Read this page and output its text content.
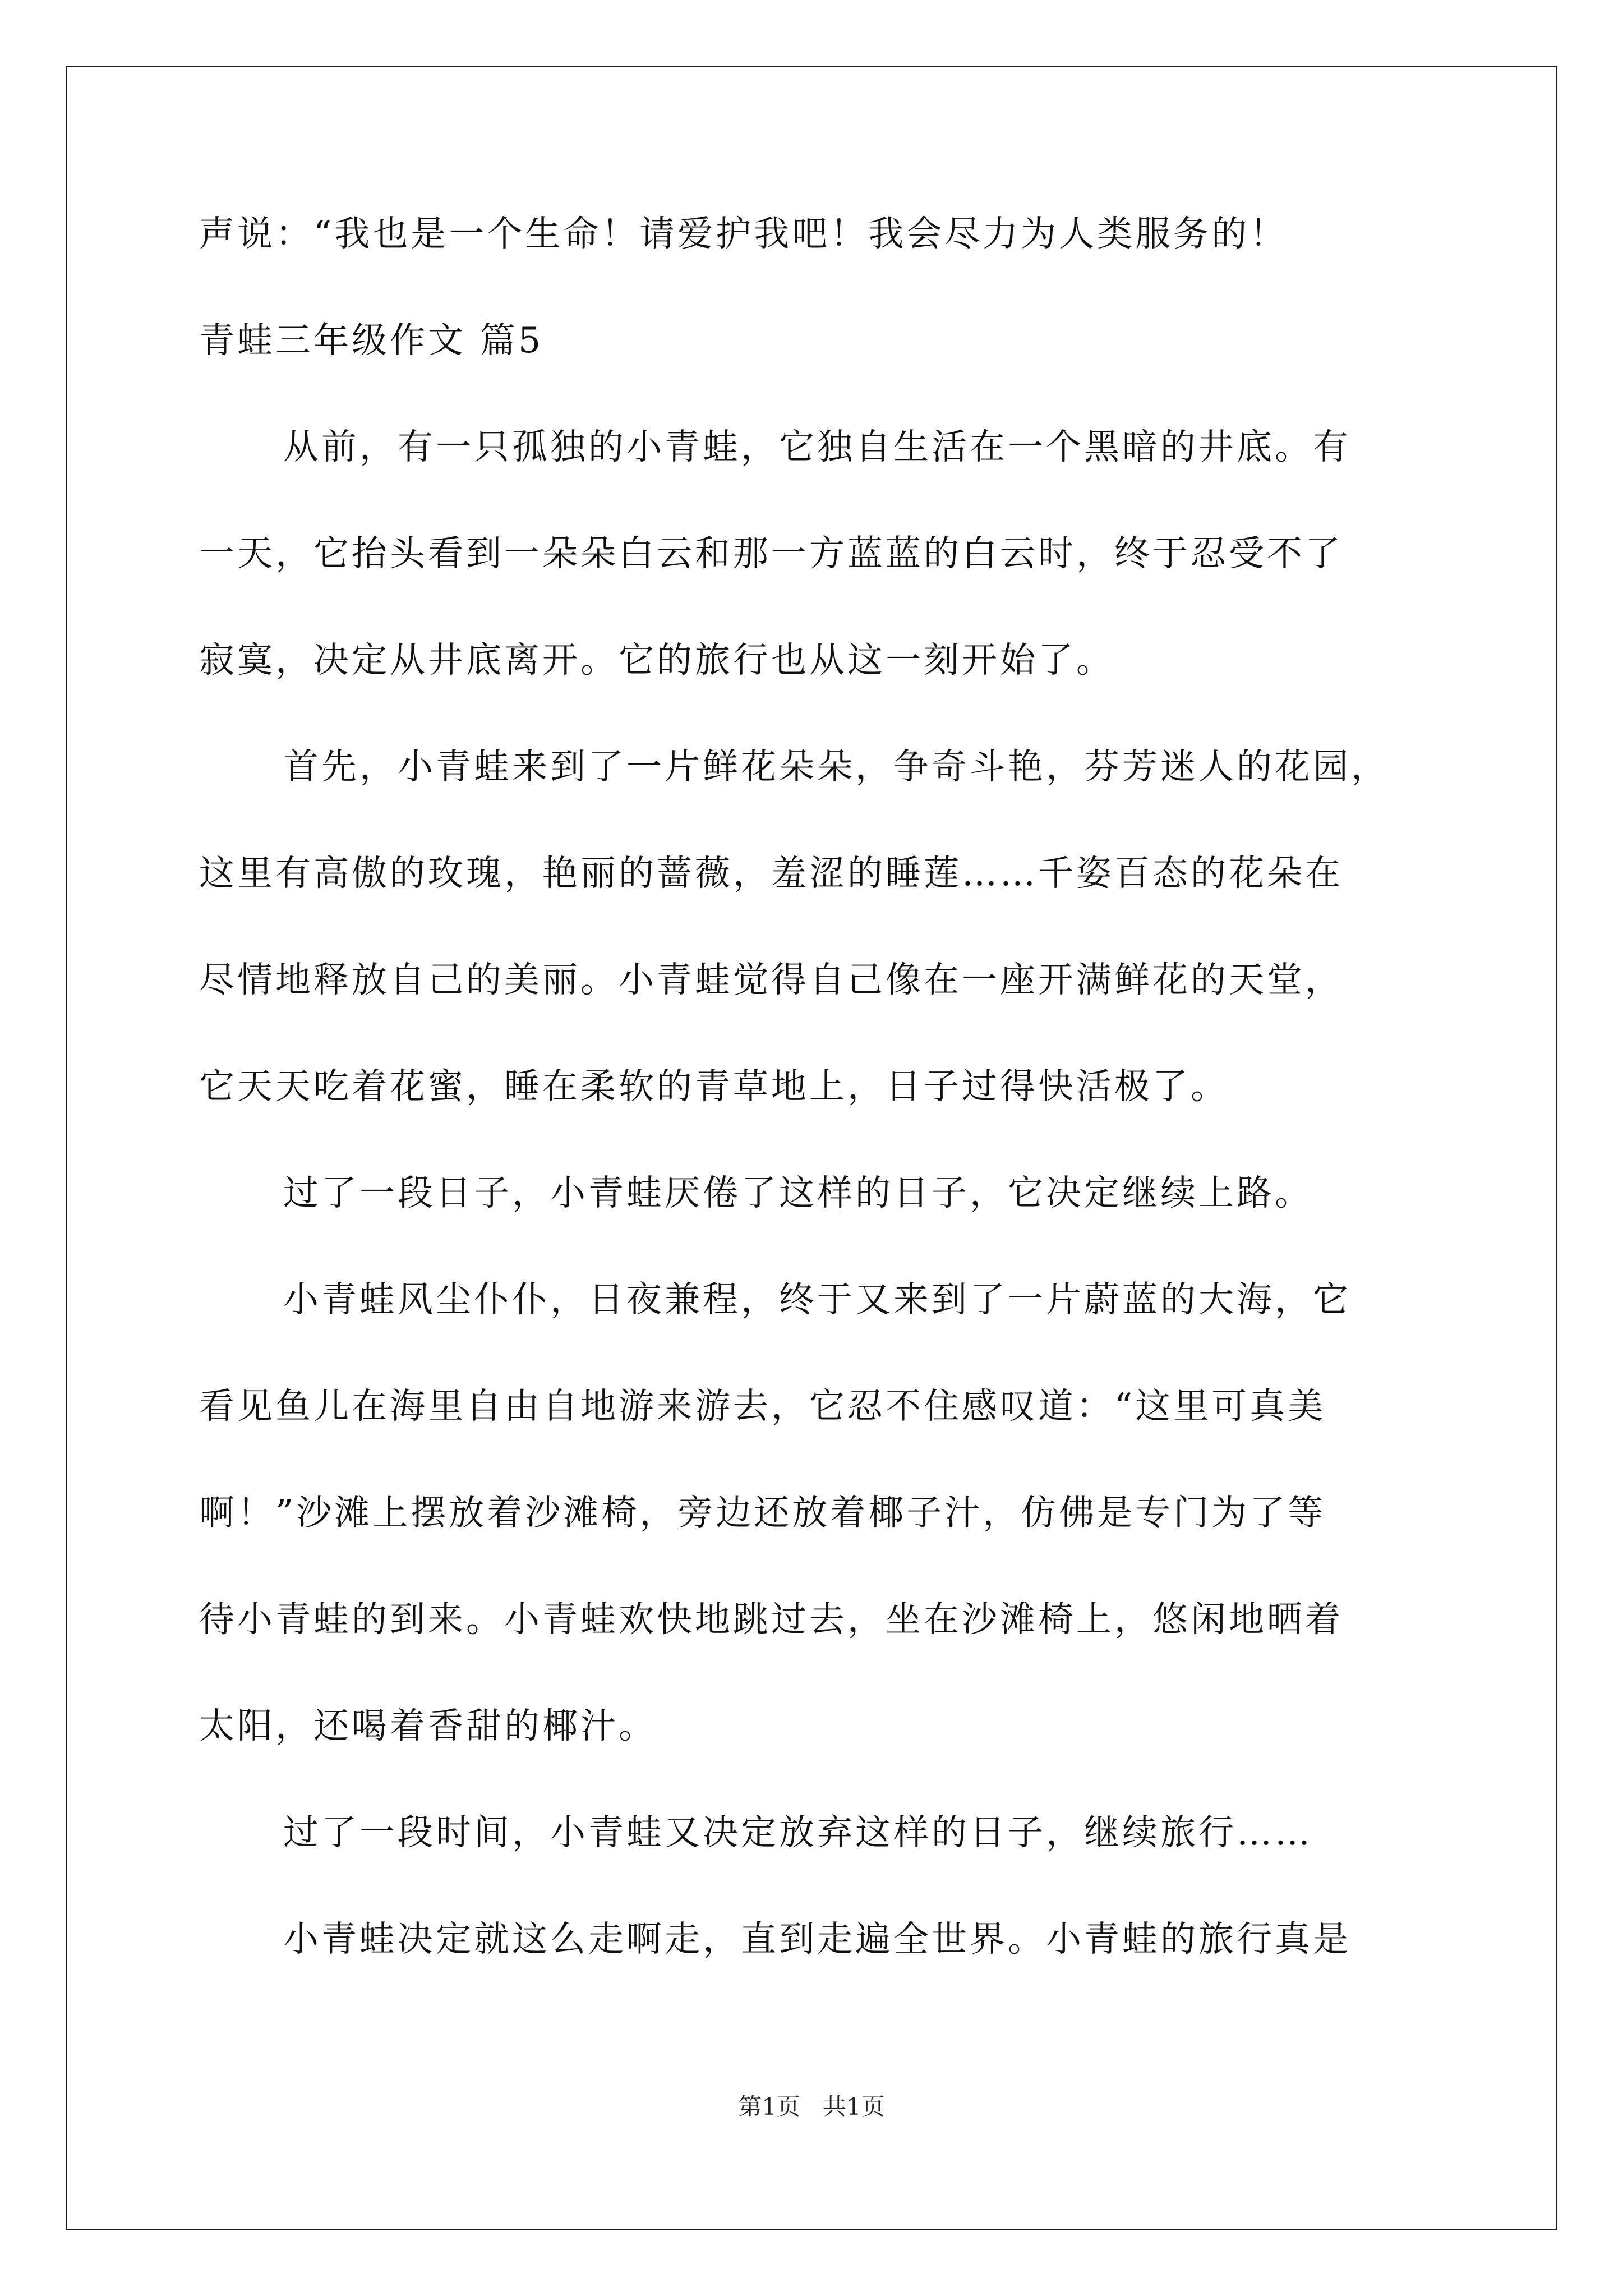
声说：“我也是一个生命！请爱护我吧！我会尽力为人类服务的！
青蛙三年级作文 篇5
从前，有一只孤独的小青蛙，它独自生活在一个黑暗的井底。有
一天，它抬头看到一朵朵白云和那一方蓝蓝的白云时，终于忍受不了
寂寞，决定从井底离开。它的旅行也从这一刻开始了。
首先，小青蛙来到了一片鲜花朵朵，争奇斗艳，芬芳迷人的花园，
这里有高傲的玫瑰，艳丽的蔷薇，羞涩的睡莲……千姿百态的花朵在
尽情地释放自己的美丽。小青蛙觉得自己像在一座开满鲜花的天堂，
它天天吃着花蜜，睡在柔软的青草地上，日子过得快活极了。
过了一段日子，小青蛙厌倦了这样的日子，它决定继续上路。
小青蛙风尘仆仆，日夜兼程，终于又来到了一片蔚蓝的大海，它
看见鱼儿在海里自由自地游来游去，它忍不住感叹道：“这里可真美
啊！”沙滩上摆放着沙滩椅，旁边还放着椰子汁，仿佛是专门为了等
待小青蛙的到来。小青蛙欢快地跳过去，坐在沙滩椅上，悠闲地晒着
太阳，还喝着香甜的椰汁。
过了一段时间，小青蛙又决定放弃这样的日子，继续旅行……
小青蛙决定就这么走啊走，直到走遍全世界。小青蛙的旅行真是
第1页 共1页
